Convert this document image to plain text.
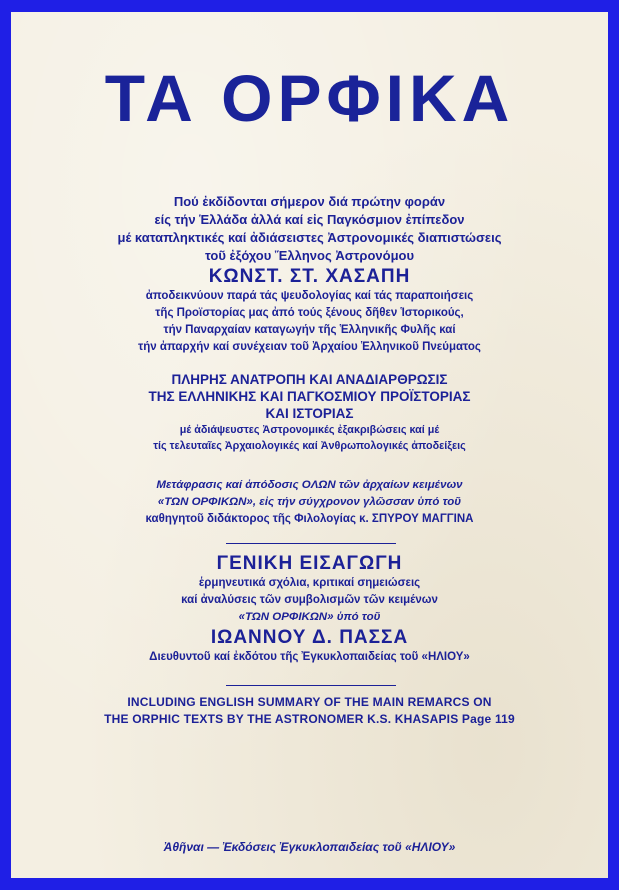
ΤΑ ΟΡΦΙΚΑ
Πού ἐκδίδονται σήμερον διά πρώτην φοράν
είς τήν Ἑλλάδα ἀλλά καί εἰς Παγκόσμιον ἐπίπεδον
μέ καταπληκτικές καί ἀδιάσειστες Ἀστρονομικές διαπιστώσεις
τοῦ ἐξόχου Ἕλληνος Ἀστρονόμου
ΚΩΝΣΤ. ΣΤ. ΧΑΣΑΠΗ
ἀποδεικνύουν παρά τάς ψευδολογίας καί τάς παραποιήσεις
τῆς Προϊστορίας μας ἀπό τούς ξένους δῆθεν Ἱστορικούς,
τήν Παναρχαίαν καταγωγήν τῆς Ἑλληνικῆς Φυλῆς καί
τήν ἀπαρχήν καί συνέχειαν τοῦ Ἀρχαίου Ἑλληνικοῦ Πνεύματος
ΠΛΗΡΗΣ ΑΝΑΤΡΟΠΗ ΚΑΙ ΑΝΑΔΙΑΡΘΡΩΣΙΣ
ΤΗΣ ΕΛΛΗΝΙΚΗΣ ΚΑΙ ΠΑΓΚΟΣΜΙΟΥ ΠΡΟΪΣΤΟΡΙΑΣ
ΚΑΙ ΙΣΤΟΡΙΑΣ
μέ ἀδιάψευστες Ἀστρονομικές ἐξακριβώσεις καί μέ
τίς τελευταῖες Ἀρχαιολογικές καί Ἀνθρωπολογικές ἀποδείξεις
Μετάφρασις καί ἀπόδοσις ΟΛΩΝ τῶν ἀρχαίων κειμένων
«ΤΩΝ ΟΡΦΙΚΩΝ», εἰς τήν σύγχρονον γλῶσσαν ὑπό τοῦ
καθηγητοῦ διδάκτορος τῆς Φιλολογίας κ. ΣΠΥΡΟΥ ΜΑΓΓΙΝΑ
ΓΕΝΙΚΗ ΕΙΣΑΓΩΓΗ
ἑρμηνευτικά σχόλια, κριτικαί σημειώσεις
καί ἀναλύσεις τῶν συμβολισμῶν τῶν κειμένων
«ΤΩΝ ΟΡΦΙΚΩΝ» ὑπό τοῦ
ΙΩΑΝΝΟΥ Δ. ΠΑΣΣΑ
Διευθυντοῦ καί ἐκδότου τῆς Ἐγκυκλοπαιδείας τοῦ «ΗΛΙΟΥ»
INCLUDING ENGLISH SUMMARY OF THE MAIN REMARCS ON
THE ORPHIC TEXTS BY THE ASTRONOMER K.S. KHASAPIS Page 119
Ἀθῆναι — Ἐκδόσεις Ἐγκυκλοπαιδείας τοῦ «ΗΛΙΟΥ»
